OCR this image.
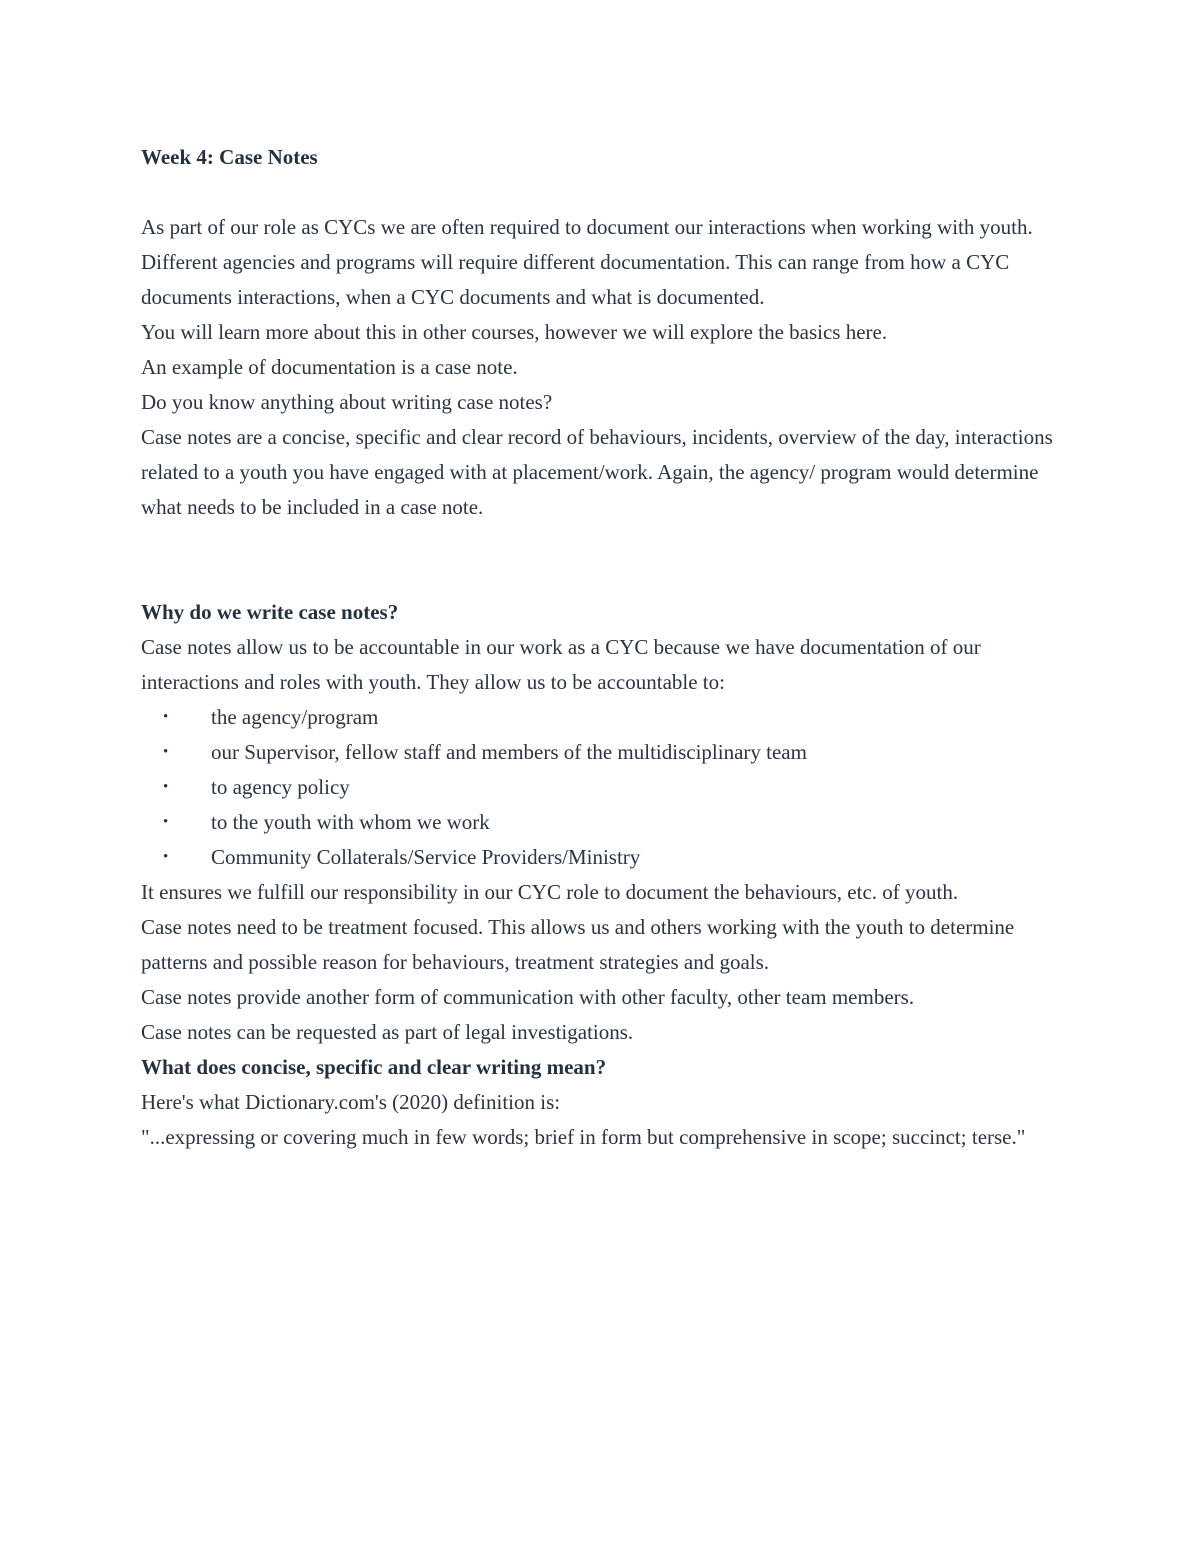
Week 4: Case Notes

As part of our role as CYCs we are often required to document our interactions when working with youth.

Different agencies and programs will require different documentation. This can range from how a CYC documents interactions, when a CYC documents and what is documented.

You will learn more about this in other courses, however we will explore the basics here.

An example of documentation is a case note.

Do you know anything about writing case notes?

Case notes are a concise, specific and clear record of behaviours, incidents, overview of the day, interactions related to a youth you have engaged with at placement/work. Again, the agency/ program would determine what needs to be included in a case note.

Why do we write case notes?

Case notes allow us to be accountable in our work as a CYC because we have documentation of our interactions and roles with youth. They allow us to be accountable to:

• the agency/program
• our Supervisor, fellow staff and members of the multidisciplinary team
• to agency policy
• to the youth with whom we work
• Community Collaterals/Service Providers/Ministry

It ensures we fulfill our responsibility in our CYC role to document the behaviours, etc. of youth.

Case notes need to be treatment focused. This allows us and others working with the youth to determine patterns and possible reason for behaviours, treatment strategies and goals.

Case notes provide another form of communication with other faculty, other team members.

Case notes can be requested as part of legal investigations.

What does concise, specific and clear writing mean?

Here's what Dictionary.com's (2020) definition is:

"...expressing or covering much in few words; brief in form but comprehensive in scope; succinct; terse."
